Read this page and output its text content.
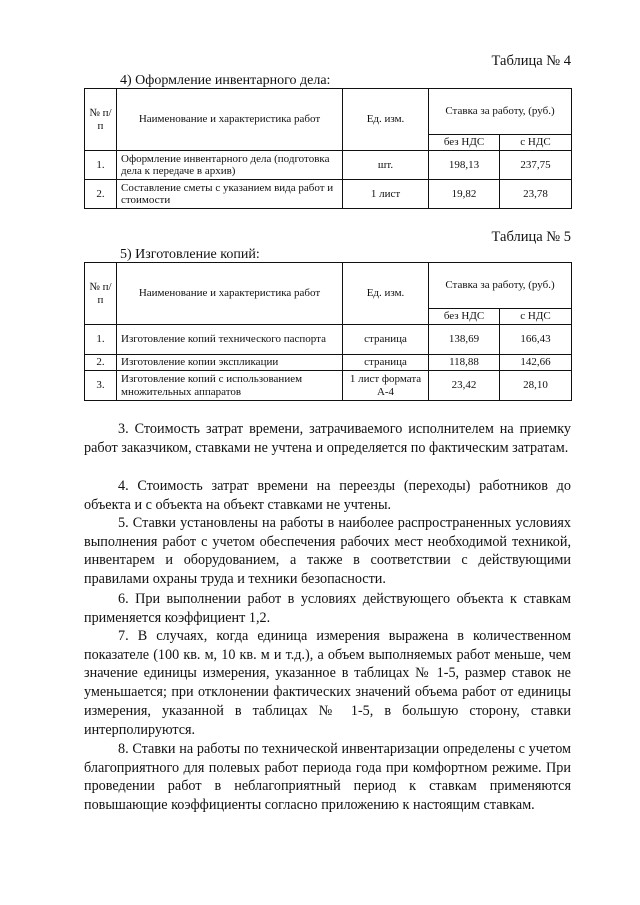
Таблица № 4
4) Оформление инвентарного дела:
№ п/п	Наименование и характеристика работ	Ед. изм.	Ставка за работу, (руб.)	
			без НДС	с НДС
1.	Оформление инвентарного дела (подготовка дела к передаче в архив)	шт.	198,13	237,75
2.	Составление сметы с указанием вида работ и стоимости	1 лист	19,82	23,78
Таблица № 5
5) Изготовление копий:
№ п/п	Наименование и характеристика работ	Ед. изм.	Ставка за работу, (руб.)	
			без НДС	с НДС
1.	Изготовление копий технического паспорта	страница	138,69	166,43
2.	Изготовление копии экспликации	страница	118,88	142,66
3.	Изготовление копий с использованием множительных аппаратов	1 лист формата А-4	23,42	28,10

3. Стоимость затрат времени, затрачиваемого исполнителем на приемку работ заказчиком, ставками не учтена и определяется по фактическим затратам.

4. Стоимость затрат времени на переезды (переходы) работников до объекта и с объекта на объект ставками не учтены.

5. Ставки установлены на работы в наиболее распространенных условиях выполнения работ с учетом обеспечения рабочих мест необходимой техникой, инвентарем и оборудованием, а также в соответствии с действующими правилами охраны труда и техники безопасности.

6. При выполнении работ в условиях действующего объекта к ставкам применяется коэффициент 1,2.

7. В случаях, когда единица измерения выражена в количественном показателе (100 кв. м, 10 кв. м и т.д.), а объем выполняемых работ меньше, чем значение единицы измерения, указанное в таблицах № 1-5, размер ставок не уменьшается; при отклонении фактических значений объема работ от единицы измерения, указанной в таблицах № 1-5, в большую сторону, ставки интерполируются.

8. Ставки на работы по технической инвентаризации определены с учетом благоприятного для полевых работ периода года при комфортном режиме. При проведении работ в неблагоприятный период к ставкам применяются повышающие коэффициенты согласно приложению к настоящим ставкам.
